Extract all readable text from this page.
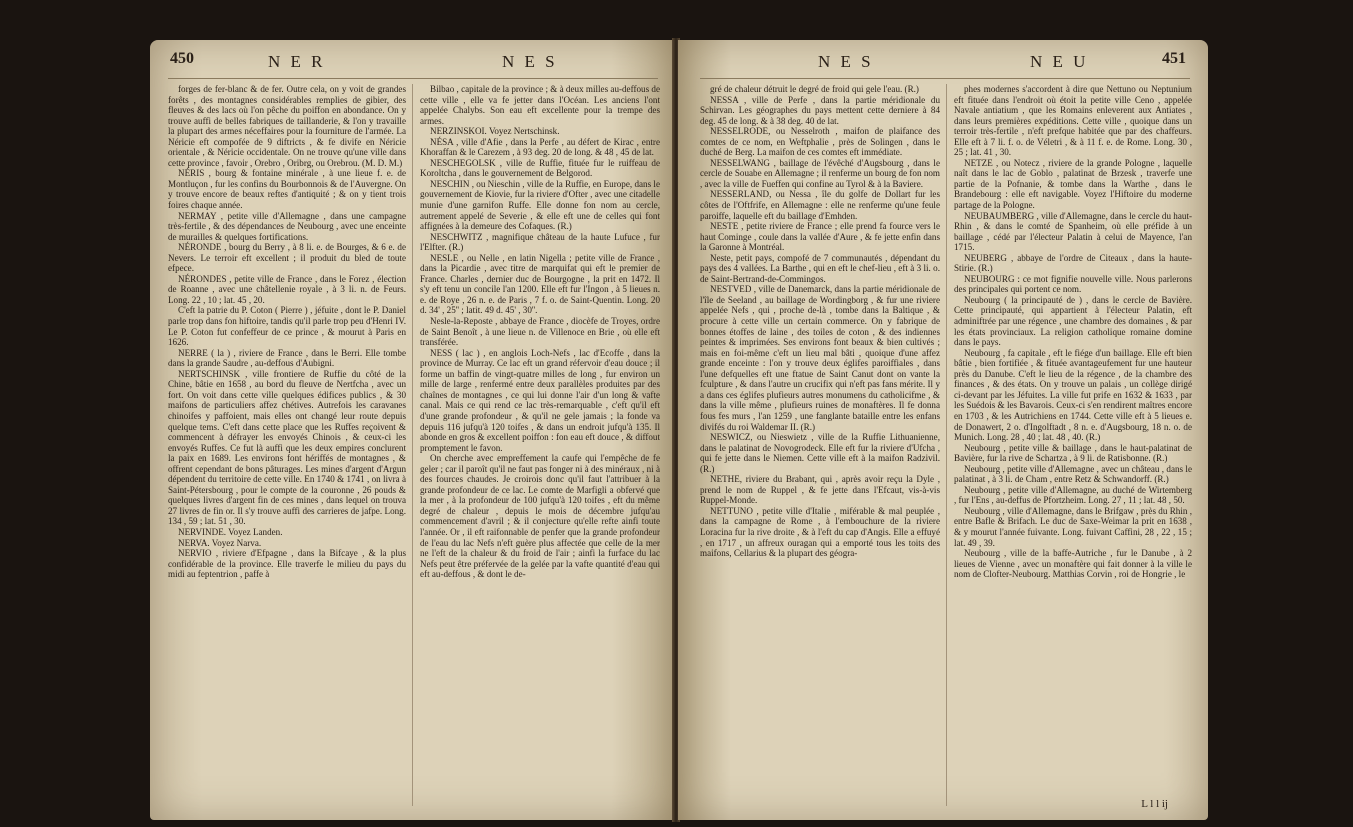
450	N E R	N E S

forges de fer-blanc & de fer. Outre cela, on y voit de grandes forêts , des montagnes considérables remplies de gibier, des fleuves & des lacs où l'on pêche du poiffon en abondance. On y trouve auffi de belles fabriques de taillanderie, & l'on y travaille la plupart des armes néceffaires pour la fourniture de l'armée. La Néricie eft compofée de 9 diftricts , & fe divife en Néricie orientale , & Néricie occidentale. On ne trouve qu'une ville dans cette province , favoir , Orebro , Oribrg, ou Orebrou. (M. D. M.)

NÉRIS , bourg & fontaine minérale , à une lieue f. e. de Montluçon , fur les confins du Bourbonnois & de l'Auvergne. On y trouve encore de beaux reftes d'antiquité ; & on y tient trois foires chaque année.

NERMAY , petite ville d'Allemagne , dans une campagne très-fertile , & des dépendances de Neubourg , avec une enceinte de murailles & quelques fortifications.

NÉRONDE , bourg du Berry , à 8 li. e. de Bourges, & 6 e. de Nevers. Le terroir eft excellent ; il produit du bled de toute efpece.

NÉRONDES , petite ville de France , dans le Forez , élection de Roanne , avec une châtellenie royale , à 3 li. n. de Feurs. Long. 22 , 10 ; lat. 45 , 20.

C'eft la patrie du P. Coton ( Pierre ) , jéfuite , dont le P. Daniel parle trop dans fon hiftoire, tandis qu'il parle trop peu d'Henri IV. Le P. Coton fut confeffeur de ce prince , & mourut à Paris en 1626.

NERRE ( la ) , riviere de France , dans le Berri. Elle tombe dans la grande Saudre , au-deffous d'Aubigni.

NERTSCHINSK , ville frontiere de Ruffie du côté de la Chine, bâtie en 1658 , au bord du fleuve de Nertfcha , avec un fort. On voit dans cette ville quelques édifices publics , & 30 maifons de particuliers affez chétives. Autrefois les caravanes chinoifes y paffoient, mais elles ont changé leur route depuis quelque tems. C'eft dans cette place que les Ruffes reçoivent & commencent à défrayer les envoyés Chinois , & ceux-ci les envoyés Ruffes. Ce fut là auffi que les deux empires conclurent la paix en 1689. Les environs font hériffés de montagnes , & offrent cependant de bons pâturages. Les mines d'argent d'Argun dépendent du territoire de cette ville. En 1740 & 1741 , on livra à Saint-Pétersbourg , pour le compte de la couronne , 26 pouds & quelques livres d'argent fin de ces mines , dans lequel on trouva 27 livres de fin or. Il s'y trouve auffi des carrieres de jafpe. Long. 134 , 59 ; lat. 51 , 30.

NERVINDE. Voyez Landen.

NERVA. Voyez Narva.

NERVIO , riviere d'Efpagne , dans la Bifcaye , & la plus confidérable de la province. Elle traverfe le milieu du pays du midi au feptentrion , paffe à

Bilbao , capitale de la province ; & à deux milles au-deffous de cette ville , elle va fe jetter dans l'Océan. Les anciens l'ont appelée Chalybs. Son eau eft excellente pour la trempe des armes.

NERZINSKOI. Voyez Nertschinsk.

NÉSA , ville d'Afie , dans la Perfe , au défert de Kirac , entre Khoraffan & le Carezem , à 93 deg. 20 de long. & 48 , 45 de lat.

NESCHEGOLSK , ville de Ruffie, fituée fur le ruiffeau de Koroltcha , dans le gouvernement de Belgorod.

NESCHIN , ou Nieschin , ville de la Ruffie, en Europe, dans le gouvernement de Kiovie, fur la riviere d'Ofter , avec une citadelle munie d'une garnifon Ruffe. Elle donne fon nom au cercle, autrement appelé de Severie , & elle eft une de celles qui font affignées à la demeure des Cofaques. (R.)

NESCHWITZ , magnifique château de la haute Lufuce , fur l'Elfter. (R.)

NESLE , ou Nelle , en latin Nigella ; petite ville de France , dans la Picardie , avec titre de marquifat qui eft le premier de France. Charles , dernier duc de Bourgogne , la prit en 1472. Il s'y eft tenu un concile l'an 1200. Elle eft fur l'Ingon , à 5 lieues n. e. de Roye , 26 n. e. de Paris , 7 f. o. de Saint-Quentin. Long. 20 d. 34' , 25'' ; latit. 49 d. 45' , 30''.

Nesle-la-Reposte , abbaye de France , diocèfe de Troyes, ordre de Saint Benoît , à une lieue n. de Villenoce en Brie , où elle eft transférée.

NESS ( lac ) , en anglois Loch-Nefs , lac d'Ecoffe , dans la province de Murray. Ce lac eft un grand réfervoir d'eau douce ; il forme un baffin de vingt-quatre milles de long , fur environ un mille de large , renfermé entre deux parallèles produites par des chaînes de montagnes , ce qui lui donne l'air d'un long & vafte canal. Mais ce qui rend ce lac très-remarquable , c'eft qu'il eft d'une grande profondeur , & qu'il ne gele jamais ; la fonde va depuis 116 jufqu'à 120 toifes , & dans un endroit jufqu'à 135. Il abonde en gros & excellent poiffon : fon eau eft douce , & diffout promptement le favon.

On cherche avec empreffement la caufe qui l'empêche de fe geler ; car il paroît qu'il ne faut pas fonger ni à des minéraux , ni à des fources chaudes. Je croirois donc qu'il faut l'attribuer à la grande profondeur de ce lac. Le comte de Marfigli a obfervé que la mer , à la profondeur de 100 jufqu'à 120 toifes , eft du même degré de chaleur , depuis le mois de décembre jufqu'au commencement d'avril ; & il conjecture qu'elle refte ainfi toute l'année. Or , il eft raifonnable de penfer que la grande profondeur de l'eau du lac Nefs n'eft guère plus affectée que celle de la mer ne l'eft de la chaleur & du froid de l'air ; ainfi la furface du lac Nefs peut être préfervée de la gelée par la vafte quantité d'eau qui eft au-deffous , & dont le de-

N E S	N E U	451

gré de chaleur détruit le degré de froid qui gele l'eau. (R.)

NESSA , ville de Perfe , dans la partie méridionale du Schirvan. Les géographes du pays mettent cette derniere à 84 deg. 45 de long. & à 38 deg. 40 de lat.

NESSELRODE, ou Nesselroth , maifon de plaifance des comtes de ce nom, en Weftphalie , près de Solingen , dans le duché de Berg. La maifon de ces comtes eft immédiate.

NESSELWANG , baillage de l'évêché d'Augsbourg , dans le cercle de Souabe en Allemagne ; il renferme un bourg de fon nom , avec la ville de Fueffen qui confine au Tyrol & à la Baviere.

NESSERLAND, ou Nessa , île du golfe de Dollart fur les côtes de l'Oftfrife, en Allemagne : elle ne renferme qu'une feule paroiffe, laquelle eft du baillage d'Emhden.

NESTE , petite riviere de France ; elle prend fa fource vers le haut Cominge , coule dans la vallée d'Aure , & fe jette enfin dans la Garonne à Montréal.

Neste, petit pays, compofé de 7 communautés , dépendant du pays des 4 vallées. La Barthe , qui en eft le chef-lieu , eft à 3 li. o. de Saint-Bertrand-de-Commingos.

NESTVED , ville de Danemarck, dans la partie méridionale de l'île de Seeland , au baillage de Wordingborg , & fur une riviere appelée Nefs , qui , proche de-là , tombe dans la Baltique , & procure à cette ville un certain commerce. On y fabrique de bonnes étoffes de laine , des toiles de coton , & des indiennes peintes & imprimées. Ses environs font beaux & bien cultivés ; mais en foi-même c'eft un lieu mal bâti , quoique d'une affez grande enceinte : l'on y trouve deux églifes paroiffiales , dans l'une defquelles eft une ftatue de Saint Canut dont on vante la fculpture , & dans l'autre un crucifix qui n'eft pas fans mérite. Il y a dans ces églifes plufieurs autres monumens du catholicifme , & dans la ville même , plufieurs ruines de monaftères. Il fe donna fous fes murs , l'an 1259 , une fanglante bataille entre les enfans divifés du roi Waldemar II. (R.)

NESWICZ, ou Nieswietz , ville de la Ruffie Lithuanienne, dans le palatinat de Novogrodeck. Elle eft fur la riviere d'Ufcha , qui fe jette dans le Niemen. Cette ville eft à la maifon Radzivil. (R.)

NETHE, riviere du Brabant, qui , après avoir reçu la Dyle , prend le nom de Ruppel , & fe jette dans l'Efcaut, vis-à-vis Ruppel-Monde.

NETTUNO , petite ville d'Italie , miférable & mal peuplée , dans la campagne de Rome , à l'embouchure de la riviere Loracina fur la rive droite , & à l'eft du cap d'Angis. Elle a effuyé , en 1717 , un affreux ouragan qui a emporté tous les toits des maifons, Cellarius & la plupart des géogra-

phes modernes s'accordent à dire que Nettuno ou Neptunium eft fituée dans l'endroit où étoit la petite ville Ceno , appelée Navale antiatium , que les Romains enleverent aux Antiates , dans leurs premières expéditions. Cette ville , quoique dans un terroir très-fertile , n'eft prefque habitée que par des chaffeurs. Elle eft à 7 li. f. o. de Véletri , & à 11 f. e. de Rome. Long. 30 , 25 ; lat. 41 , 30.

NETZE , ou Notecz , riviere de la grande Pologne , laquelle naît dans le lac de Goblo , palatinat de Brzesk , traverfe une partie de la Pofnanie, & tombe dans la Warthe , dans le Brandebourg : elle eft navigable. Voyez l'Hiftoire du moderne partage de la Pologne.

NEUBAUMBERG , ville d'Allemagne, dans le cercle du haut-Rhin , & dans le comté de Spanheim, où elle préfide à un baillage , cédé par l'électeur Palatin à celui de Mayence, l'an 1715.

NEUBERG , abbaye de l'ordre de Citeaux , dans la haute-Stirie. (R.)

NEUBOURG : ce mot fignifie nouvelle ville. Nous parlerons des principales qui portent ce nom.

Neubourg ( la principauté de ) , dans le cercle de Bavière. Cette principauté, qui appartient à l'électeur Palatin, eft adminiftrée par une régence , une chambre des domaines , & par les états provinciaux. La religion catholique romaine domine dans le pays.

Neubourg , fa capitale , eft le fiége d'un baillage. Elle eft bien bâtie , bien fortifiée , & fituée avantageufement fur une hauteur près du Danube. C'eft le lieu de la régence , de la chambre des finances , & des états. On y trouve un palais , un collège dirigé ci-devant par les Jéfuites. La ville fut prife en 1632 & 1633 , par les Suédois & les Bavarois. Ceux-ci s'en rendirent maîtres encore en 1703 , & les Autrichiens en 1744. Cette ville eft à 5 lieues e. de Donawert, 2 o. d'Ingolftadt , 8 n. e. d'Augsbourg, 18 n. o. de Munich. Long. 28 , 40 ; lat. 48 , 40. (R.)

Neubourg , petite ville & baillage , dans le haut-palatinat de Bavière, fur la rive de Schartza , à 9 li. de Ratisbonne. (R.)

Neubourg , petite ville d'Allemagne , avec un château , dans le palatinat , à 3 li. de Cham , entre Retz & Schwandorff. (R.)

Neubourg , petite ville d'Allemagne, au duché de Wirtemberg , fur l'Ens , au-deffus de Pfortzheim. Long. 27 , 11 ; lat. 48 , 50.

Neubourg , ville d'Allemagne, dans le Brifgaw , près du Rhin , entre Bafle & Brifach. Le duc de Saxe-Weimar la prit en 1638 , & y mourut l'année fuivante. Long. fuivant Caffini, 28 , 22 , 15 ; lat. 49 , 39.

Neubourg , ville de la baffe-Autriche , fur le Danube , à 2 lieues de Vienne , avec un monaftère qui fait donner à la ville le nom de Clofter-Neubourg. Matthias Corvin , roi de Hongrie , le

L l l ij
